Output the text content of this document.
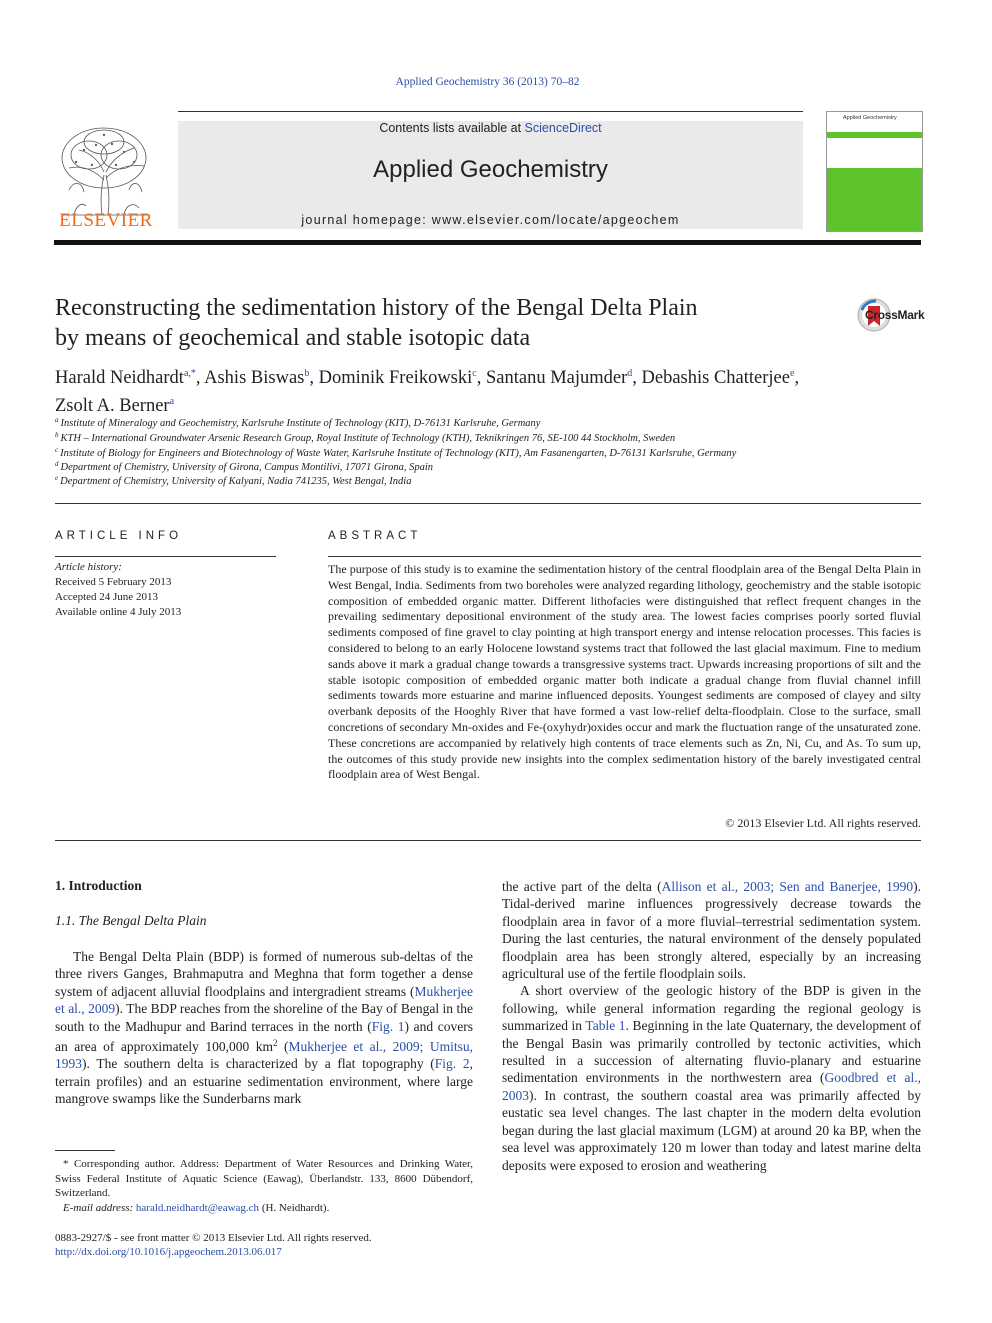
Applied Geochemistry 36 (2013) 70–82
ELSEVIER
Contents lists available at ScienceDirect
Applied Geochemistry
journal homepage: www.elsevier.com/locate/apgeochem
Applied Geochemistry
Reconstructing the sedimentation history of the Bengal Delta Plain
by means of geochemical and stable isotopic data
CrossMark
Harald Neidhardt$^{a,*}$, Ashis Biswas$^b$, Dominik Freikowski$^c$, Santanu Majumder$^d$, Debashis Chatterjee$^e$,
Zsolt A. Berner$^a$
$^a$ Institute of Mineralogy and Geochemistry, Karlsruhe Institute of Technology (KIT), D-76131 Karlsruhe, Germany
$^b$ KTH – International Groundwater Arsenic Research Group, Royal Institute of Technology (KTH), Teknikringen 76, SE-100 44 Stockholm, Sweden
$^c$ Institute of Biology for Engineers and Biotechnology of Waste Water, Karlsruhe Institute of Technology (KIT), Am Fasanengarten, D-76131 Karlsruhe, Germany
$^d$ Department of Chemistry, University of Girona, Campus Montilivi, 17071 Girona, Spain
$^e$ Department of Chemistry, University of Kalyani, Nadia 741235, West Bengal, India
ARTICLE INFO
Article history:
Received 5 February 2013
Accepted 24 June 2013
Available online 4 July 2013
ABSTRACT
The purpose of this study is to examine the sedimentation history of the central floodplain area of the Bengal Delta Plain in West Bengal, India. Sediments from two boreholes were analyzed regarding lithology, geochemistry and the stable isotopic composition of embedded organic matter. Different lithofacies were distinguished that reflect frequent changes in the prevailing sedimentary depositional environment of the study area. The lowest facies comprises poorly sorted fluvial sediments composed of fine gravel to clay pointing at high transport energy and intense relocation processes. This facies is considered to belong to an early Holocene lowstand systems tract that followed the last glacial maximum. Fine to medium sands above it mark a gradual change towards a transgressive systems tract. Upwards increasing proportions of silt and the stable isotopic composition of embedded organic matter both indicate a gradual change from fluvial channel infill sediments towards more estuarine and marine influenced deposits. Youngest sediments are composed of clayey and silty overbank deposits of the Hooghly River that have formed a vast low-relief delta-floodplain. Close to the surface, small concretions of secondary Mn-oxides and Fe-(oxyhydr)oxides occur and mark the fluctuation range of the unsaturated zone. These concretions are accompanied by relatively high contents of trace elements such as Zn, Ni, Cu, and As. To sum up, the outcomes of this study provide new insights into the complex sedimentation history of the barely investigated central floodplain area of West Bengal.
© 2013 Elsevier Ltd. All rights reserved.
1. Introduction
1.1. The Bengal Delta Plain

The Bengal Delta Plain (BDP) is formed of numerous sub-deltas of the three rivers Ganges, Brahmaputra and Meghna that form together a dense system of adjacent alluvial floodplains and intergradient streams (Mukherjee et al., 2009). The BDP reaches from the shoreline of the Bay of Bengal in the south to the Madhupur and Barind terraces in the north (Fig. 1) and covers an area of approximately 100,000 $km^2$ (Mukherjee et al., 2009; Umitsu, 1993). The southern delta is characterized by a flat topography (Fig. 2, terrain profiles) and an estuarine sedimentation environment, where large mangrove swamps like the Sunderbarns mark

the active part of the delta (Allison et al., 2003; Sen and Banerjee, 1990). Tidal-derived marine influences progressively decrease towards the floodplain area in favor of a more fluvial–terrestrial sedimentation system. During the last centuries, the natural environment of the densely populated floodplain area has been strongly altered, especially by an increasing agricultural use of the fertile floodplain soils.

A short overview of the geologic history of the BDP is given in the following, while general information regarding the regional geology is summarized in Table 1. Beginning in the late Quaternary, the development of the Bengal Basin was primarily controlled by tectonic activities, which resulted in a succession of alternating fluvio-planary and estuarine sedimentation environments in the northwestern area (Goodbred et al., 2003). In contrast, the southern coastal area was primarily affected by eustatic sea level changes. The last chapter in the modern delta evolution began during the last glacial maximum (LGM) at around 20 ka BP, when the sea level was approximately 120 m lower than today and latest marine delta deposits were exposed to erosion and weathering

* Corresponding author. Address: Department of Water Resources and Drinking Water, Swiss Federal Institute of Aquatic Science (Eawag), Überlandstr. 133, 8600 Dübendorf, Switzerland.
E-mail address: harald.neidhardt@eawag.ch (H. Neidhardt).
0883-2927/$ - see front matter © 2013 Elsevier Ltd. All rights reserved.
http://dx.doi.org/10.1016/j.apgeochem.2013.06.017
